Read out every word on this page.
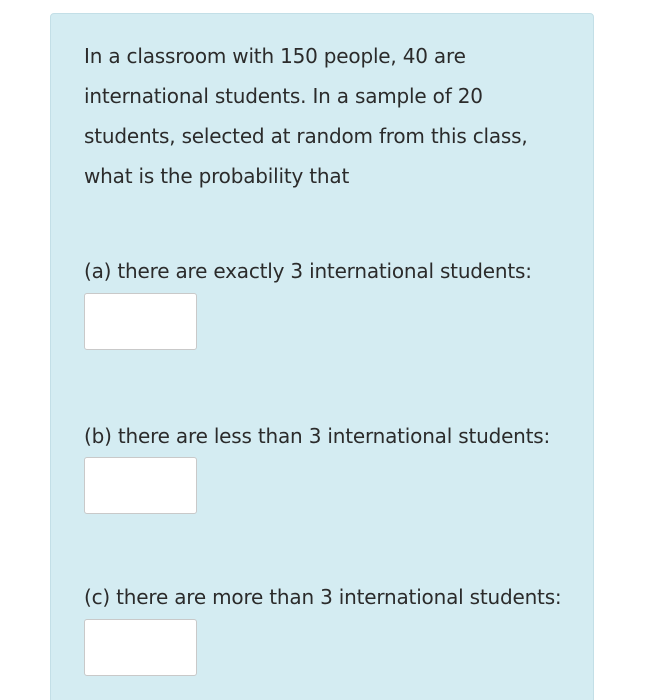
In a classroom with 150 people, 40 are international students. In a sample of 20 students, selected at random from this class, what is the probability that

(a) there are exactly 3 international students:

(b) there are less than 3 international students:

(c) there are more than 3 international students:
